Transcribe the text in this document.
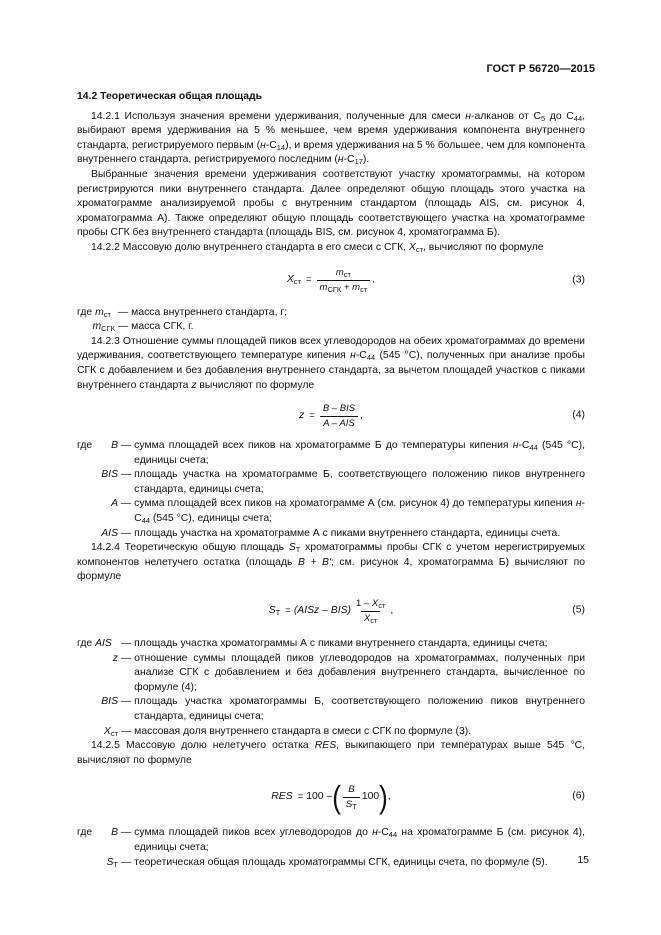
ГОСТ Р 56720—2015
14.2 Теоретическая общая площадь

14.2.1 Используя значения времени удерживания, полученные для смеси н-алканов от $C_5$ до $C_{44}$, выбирают время удерживания на 5 % меньшее, чем время удерживания компонента внутреннего стандарта, регистрируемого первым $(н-C_{14})$, и время удерживания на 5 % большее, чем для компонента внутреннего стандарта, регистрируемого последним $(н-C_{17})$.

Выбранные значения времени удерживания соответствуют участку хроматограммы, на котором регистрируются пики внутреннего стандарта. Далее определяют общую площадь этого участка на хроматограмме анализируемой пробы с внутренним стандартом (площадь AIS, см. рисунок 4, хроматограмма А). Также определяют общую площадь соответствующего участка на хроматограмме пробы СГК без внутреннего стандарта (площадь BIS, см. рисунок 4, хроматограмма Б).

14.2.2 Массовую долю внутреннего стандарта в его смеси с СГК, $X_{ст}$, вычисляют по формуле

$X_{ст} = \frac{m_{ст}}{m_{СГК} + m_{ст}}$ ,	(3)
где $m_{ст}$ — масса внутреннего стандарта, г;
$m_{СГК}$ — масса СГК, г.

14.2.3 Отношение суммы площадей пиков всех углеводородов на обеих хроматограммах до времени удерживания, соответствующего температуре кипения $н-C_{44}$ (545 °C), полученных при анализе пробы СГК с добавлением и без добавления внутреннего стандарта, за вычетом площадей участков с пиками внутреннего стандарта z вычисляют по формуле

$z = \frac{\text{B – BIS}}{\text{A – AIS}}$ ,	(4)
где	B — сумма площадей всех пиков на хроматограмме Б до температуры кипения $н-C_{44}$ (545 °C), единицы счета;
BIS — площадь участка на хроматограмме Б, соответствующего положению пиков внутреннего стандарта, единицы счета;
A — сумма площадей всех пиков на хроматограмме А (см. рисунок 4) до температуры кипения $н-C_{44}$ (545 °C), единицы счета;
AIS — площадь участка на хроматограмме А с пиками внутреннего стандарта, единицы счета.

14.2.4 Теоретическую общую площадь $S_Т$ хроматограммы пробы СГК с учетом нерегистрируемых компонентов нелетучего остатка (площадь B + B'; см. рисунок 4, хроматограмма Б) вычисляют по формуле

$S_Т$ = (AISz – $BIS) \frac{1 - X_{ст}}{X_{ст}}$ ,	(5)
где AIS — площадь участка хроматограммы А с пиками внутреннего стандарта, единицы счета;
z — отношение суммы площадей пиков углеводородов на хроматограммах, полученных при анализе СГК с добавлением и без добавления внутреннего стандарта, вычисленное по формуле (4);
BIS — площадь участка хроматограммы Б, соответствующего положению пиков внутреннего стандарта, единицы счета;
$X_{ст}$ — массовая доля внутреннего стандарта в смеси с СГК по формуле (3).

14.2.5 Массовую долю нелетучего остатка RES, выкипающего при температурах выше 545 °C, вычисляют по формуле

RES = 100 – ( $\frac{B}{S_Т} 100$ ) ,	(6)
где	B — сумма площадей пиков всех углеводородов до $н-C_{44}$ на хроматограмме Б (см. рисунок 4), единицы счета;
$S_Т$ — теоретическая общая площадь хроматограммы СГК, единицы счета, по формуле (5).	15
